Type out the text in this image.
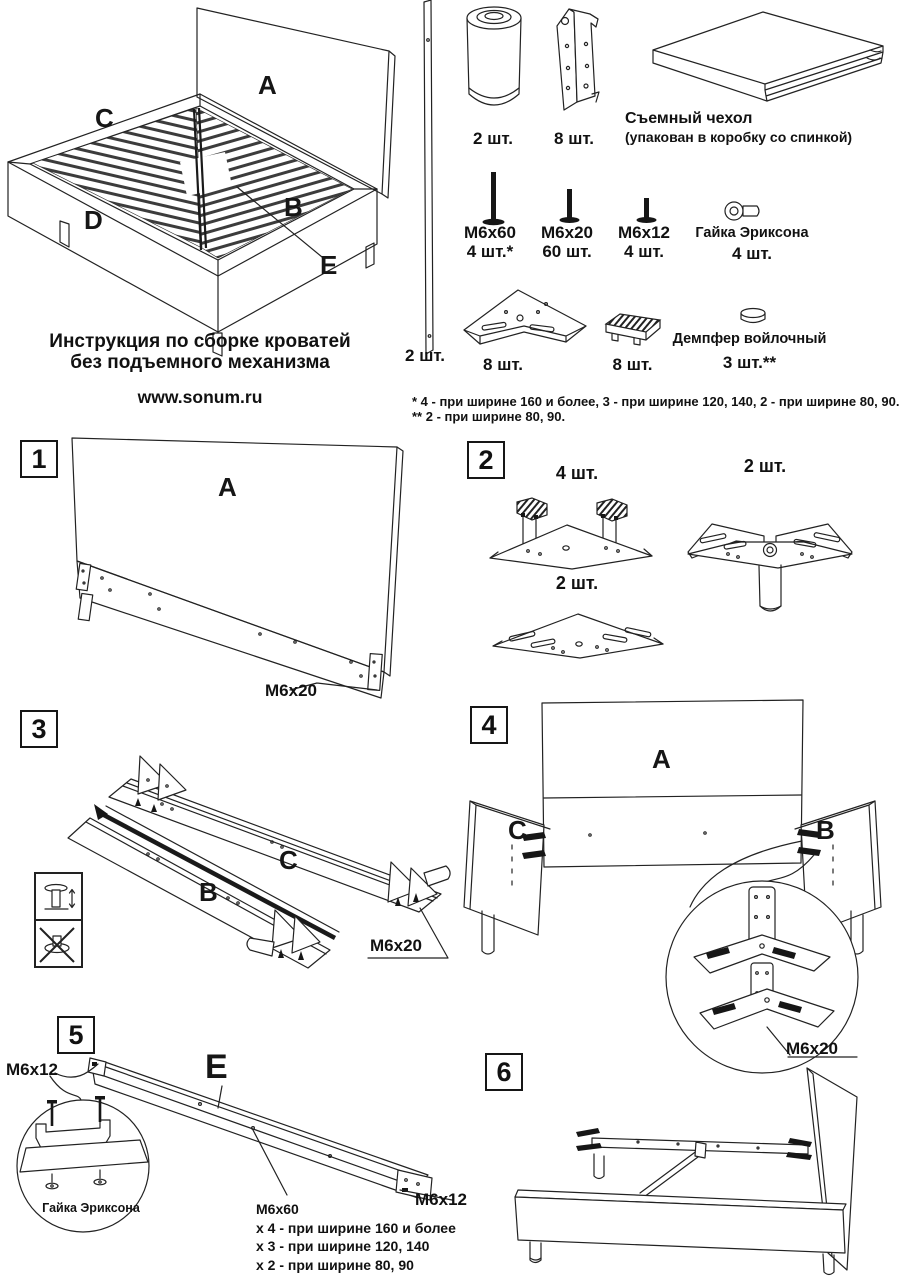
A
C
D	B
E
Инструкция по сборке кроватей
без подъемного механизма
www.sonum.ru
2 шт.
2 шт.	8 шт.
Съемный чехол
(упакован в коробку со спинкой)
М6х60
4 шт.*
М6х20
60 шт.
М6х12
4 шт.
Гайка Эриксона
4 шт.
8 шт.	8 шт.
Демпфер войлочный
3 шт.**
* 4 - при ширине 160 и более, 3 - при ширине 120, 140, 2 - при ширине 80, 90.
** 2 - при ширине 80, 90.
1
A
М6х20
2	4 шт.	2 шт.
2 шт.
3
B
C
М6х20
4
A
C	B
М6х20
5
E
М6х12
М6х12
Гайка Эриксона	М6х60
х 4 - при ширине 160 и более
х 3 - при ширине 120, 140
х 2 - при ширине 80, 90
6
